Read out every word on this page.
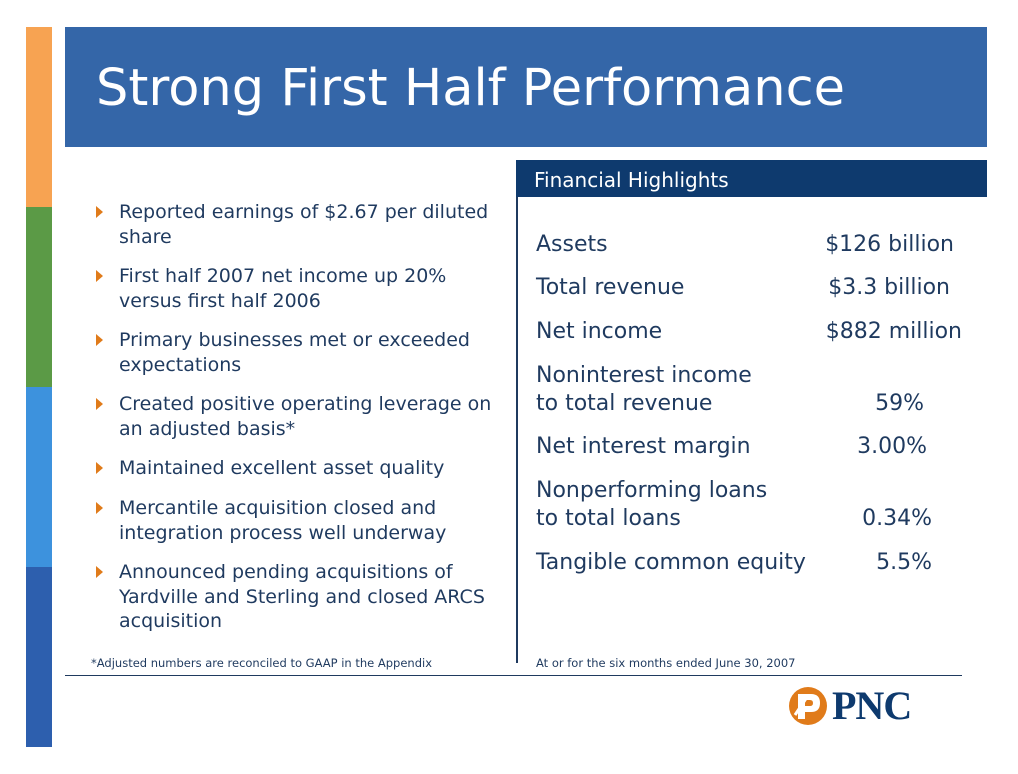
Strong First Half Performance
Reported earnings of $2.67 per diluted share
First half 2007 net income up 20% versus first half 2006
Primary businesses met or exceeded expectations
Created positive operating leverage on an adjusted basis*
Maintained excellent asset quality
Mercantile acquisition closed and integration process well underway
Announced pending acquisitions of Yardville and Sterling and closed ARCS acquisition
*Adjusted numbers are reconciled to GAAP in the Appendix
Financial Highlights
Assets	$126 billion
Total revenue	$3.3 billion
Net income	$882 million
Noninterest income
to total revenue	59%
Net interest margin	3.00%
Nonperforming loans
to total loans	0.34%
Tangible common equity	5.5%
At or for the six months ended June 30, 2007
PNC
